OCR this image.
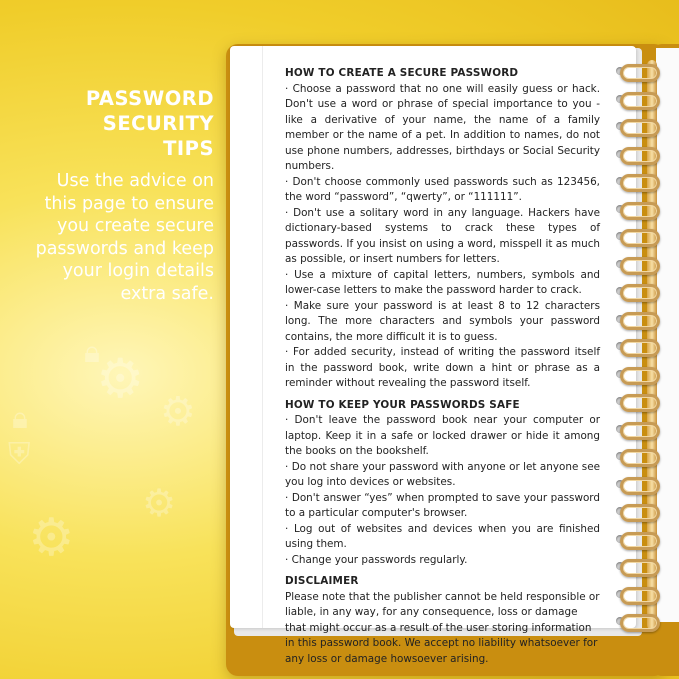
🔒︎
⚙
⚙
🔒︎
⛨
⚙
⚙
PASSWORD
SECURITY
TIPS
Use the advice on
this page to ensure
you create secure
passwords and keep
your login details
extra safe.
HOW TO CREATE A SECURE PASSWORD

· Choose a password that no one will easily guess or hack. Don't use a word or phrase of special importance to you - like a derivative of your name, the name of a family member or the name of a pet. In addition to names, do not use phone numbers, addresses, birthdays or Social Security numbers.

· Don't choose commonly used passwords such as 123456, the word “password”, “qwerty”, or “111111”.

· Don't use a solitary word in any language. Hackers have dictionary-based systems to crack these types of passwords. If you insist on using a word, misspell it as much as possible, or insert numbers for letters.

· Use a mixture of capital letters, numbers, symbols and lower-case letters to make the password harder to crack.

· Make sure your password is at least 8 to 12 characters long. The more characters and symbols your password contains, the more difficult it is to guess.

· For added security, instead of writing the password itself in the password book, write down a hint or phrase as a reminder without revealing the password itself.

HOW TO KEEP YOUR PASSWORDS SAFE

· Don't leave the password book near your computer or laptop. Keep it in a safe or locked drawer or hide it among the books on the bookshelf.

· Do not share your password with anyone or let anyone see you log into devices or websites.

· Don't answer “yes” when prompted to save your password to a particular computer's browser.

· Log out of websites and devices when you are finished using them.

· Change your passwords regularly.

DISCLAIMER

Please note that the publisher cannot be held responsible or liable, in any way, for any consequence, loss or damage that might occur as a result of the user storing information in this password book. We accept no liability whatsoever for any loss or damage howsoever arising.
